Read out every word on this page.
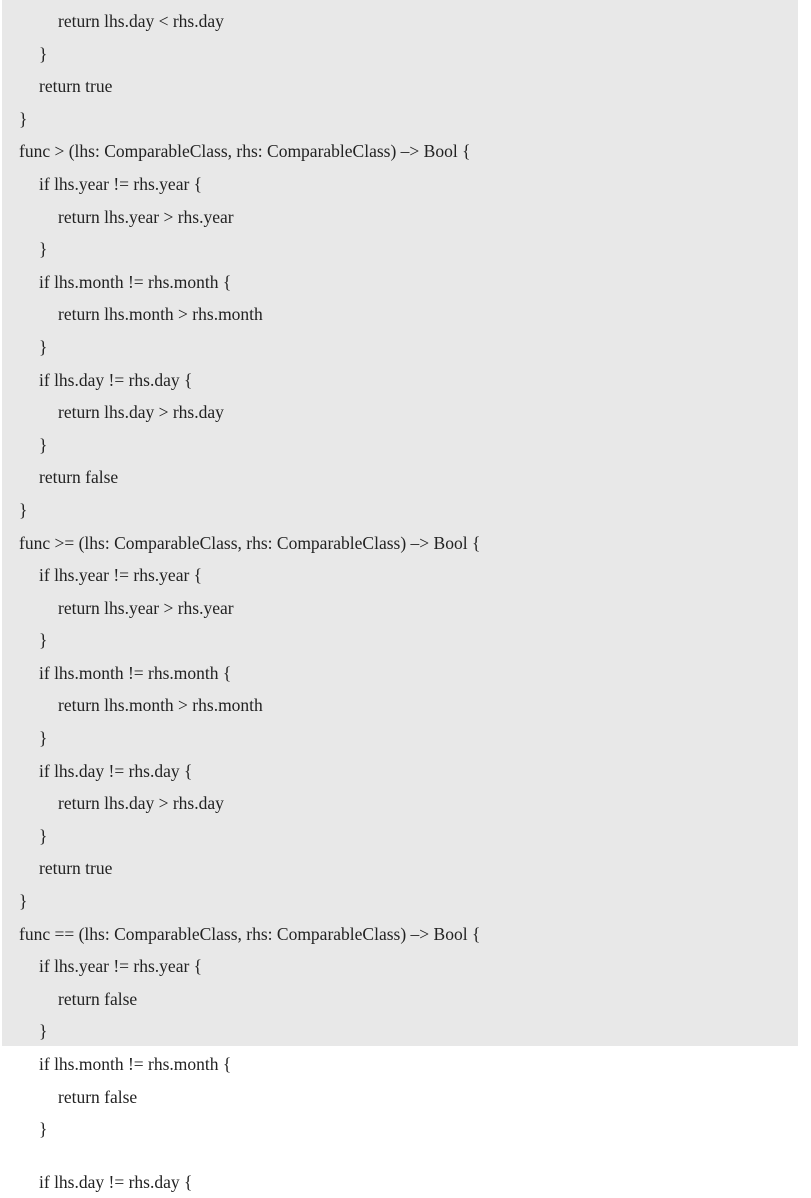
return lhs.day < rhs.day
}
return true
}
func > (lhs: ComparableClass, rhs: ComparableClass) –> Bool {
if lhs.year != rhs.year {
return lhs.year > rhs.year
}
if lhs.month != rhs.month {
return lhs.month > rhs.month
}
if lhs.day != rhs.day {
return lhs.day > rhs.day
}
return false
}
func >= (lhs: ComparableClass, rhs: ComparableClass) –> Bool {
if lhs.year != rhs.year {
return lhs.year > rhs.year
}
if lhs.month != rhs.month {
return lhs.month > rhs.month
}
if lhs.day != rhs.day {
return lhs.day > rhs.day
}
return true
}
func == (lhs: ComparableClass, rhs: ComparableClass) –> Bool {
if lhs.year != rhs.year {
return false
}
if lhs.month != rhs.month {
return false
}
if lhs.day != rhs.day {
